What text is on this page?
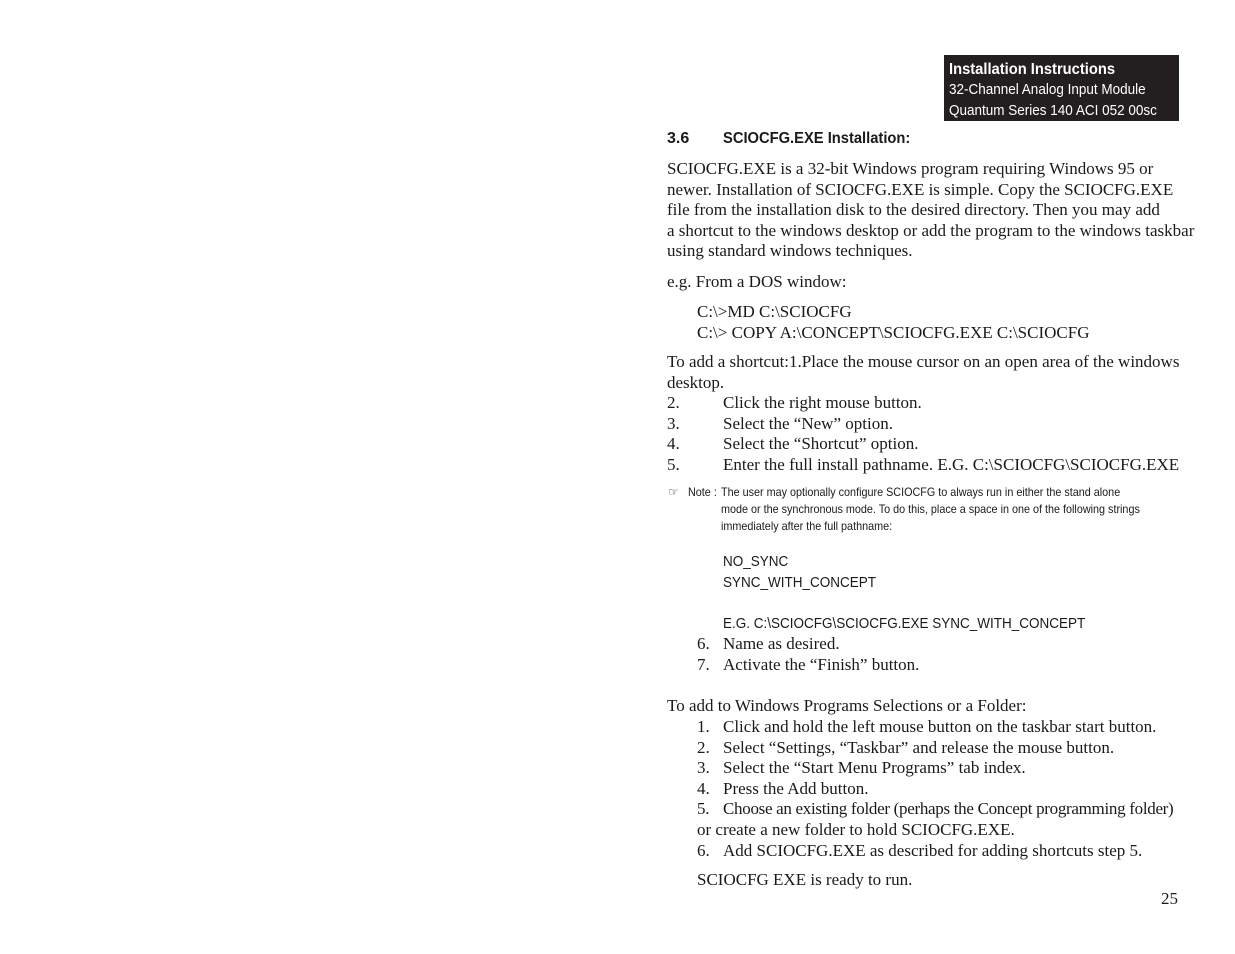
Installation Instructions
32-Channel Analog Input Module
Quantum Series 140 ACI 052 00sc
3.6 SCIOCFG.EXE Installation:
SCIOCFG.EXE is a 32-bit Windows program requiring Windows 95 or
newer. Installation of SCIOCFG.EXE is simple. Copy the SCIOCFG.EXE
file from the installation disk to the desired directory. Then you may add
a shortcut to the windows desktop or add the program to the windows taskbar
using standard windows techniques.
e.g. From a DOS window:
C:\>MD C:\SCIOCFG
C:\> COPY A:\CONCEPT\SCIOCFG.EXE C:\SCIOCFG
To add a shortcut:1.Place the mouse cursor on an open area of the windows
desktop.
2.	Click the right mouse button.
3.	Select the “New” option.
4.	Select the “Shortcut” option.
5.	Enter the full install pathname. E.G. C:\SCIOCFG\SCIOCFG.EXE
☞ Note : The user may optionally configure SCIOCFG to always run in either the stand alone
mode or the synchronous mode. To do this, place a space in one of the following strings
immediately after the full pathname:
NO_SYNC
SYNC_WITH_CONCEPT
E.G. C:\SCIOCFG\SCIOCFG.EXE SYNC_WITH_CONCEPT
6. Name as desired.
7. Activate the “Finish” button.
To add to Windows Programs Selections or a Folder:
1. Click and hold the left mouse button on the taskbar start button.
2. Select “Settings, “Taskbar” and release the mouse button.
3. Select the “Start Menu Programs” tab index.
4. Press the Add button.
5. Choose an existing folder (perhaps the Concept programming folder)
or create a new folder to hold SCIOCFG.EXE.
6. Add SCIOCFG.EXE as described for adding shortcuts step 5.
SCIOCFG EXE is ready to run.
25
